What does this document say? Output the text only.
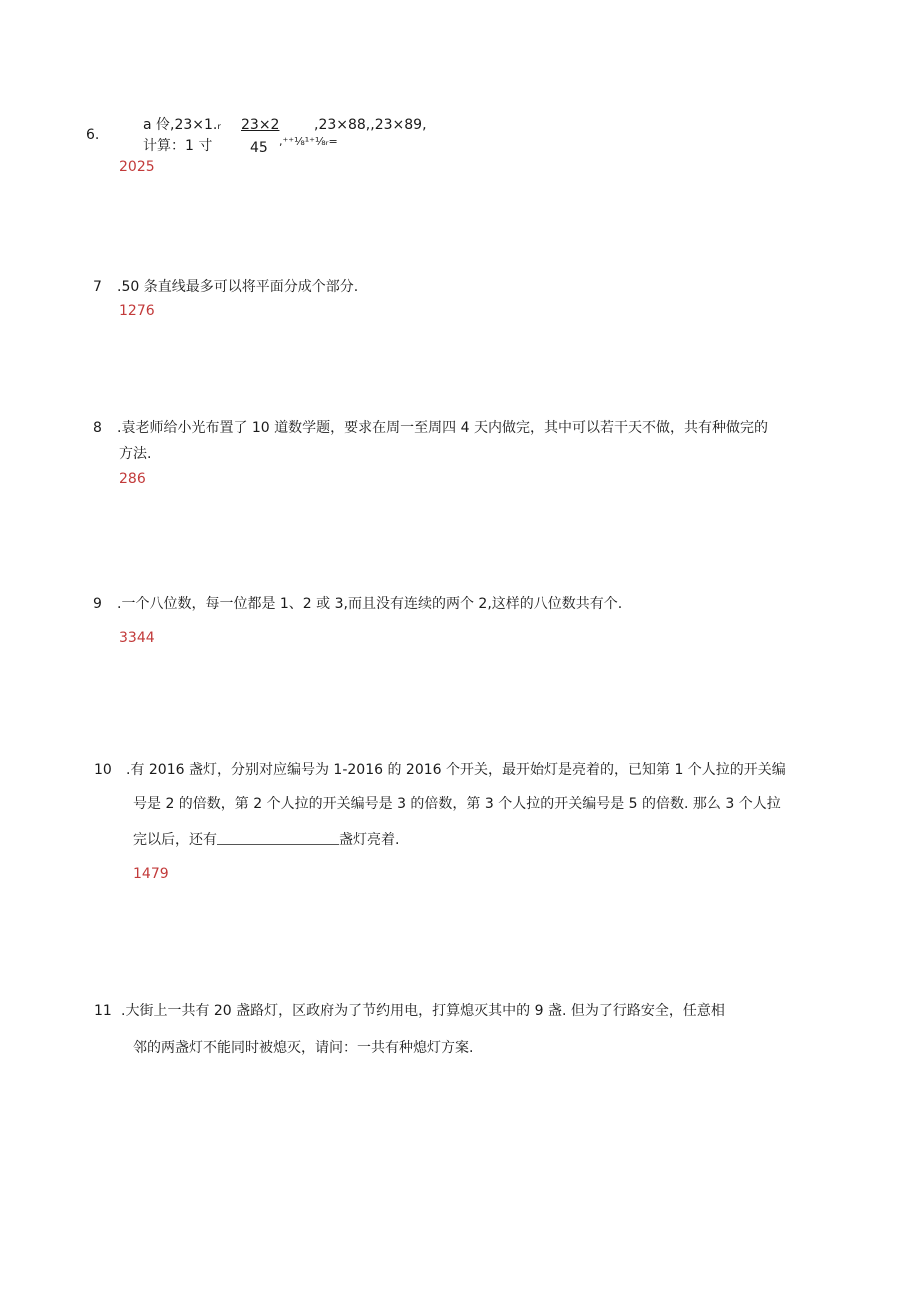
6.
a 伶,23×1.ᵣ 23×2 ,23×88,,23×89,
计算：1 寸	45 ,⁺⁺⅛¹⁺⅛ᵣ=
2025
7 .50 条直线最多可以将平面分成个部分.
1276
8 .袁老师给小光布置了 10 道数学题，要求在周一至周四 4 天内做完，其中可以若干天不做，共有种做完的
方法.
286
9 .一个八位数，每一位都是 1、2 或 3,而且没有连续的两个 2,这样的八位数共有个.
3344
10 .有 2016 盏灯，分别对应编号为 1-2016 的 2016 个开关，最开始灯是亮着的，已知第 1 个人拉的开关编
号是 2 的倍数，第 2 个人拉的开关编号是 3 的倍数，第 3 个人拉的开关编号是 5 的倍数. 那么 3 个人拉
完以后，还有	盏灯亮着.
1479
11 .大街上一共有 20 盏路灯，区政府为了节约用电，打算熄灭其中的 9 盏. 但为了行路安全，任意相
邻的两盏灯不能同时被熄灭，请问：一共有种熄灯方案.
